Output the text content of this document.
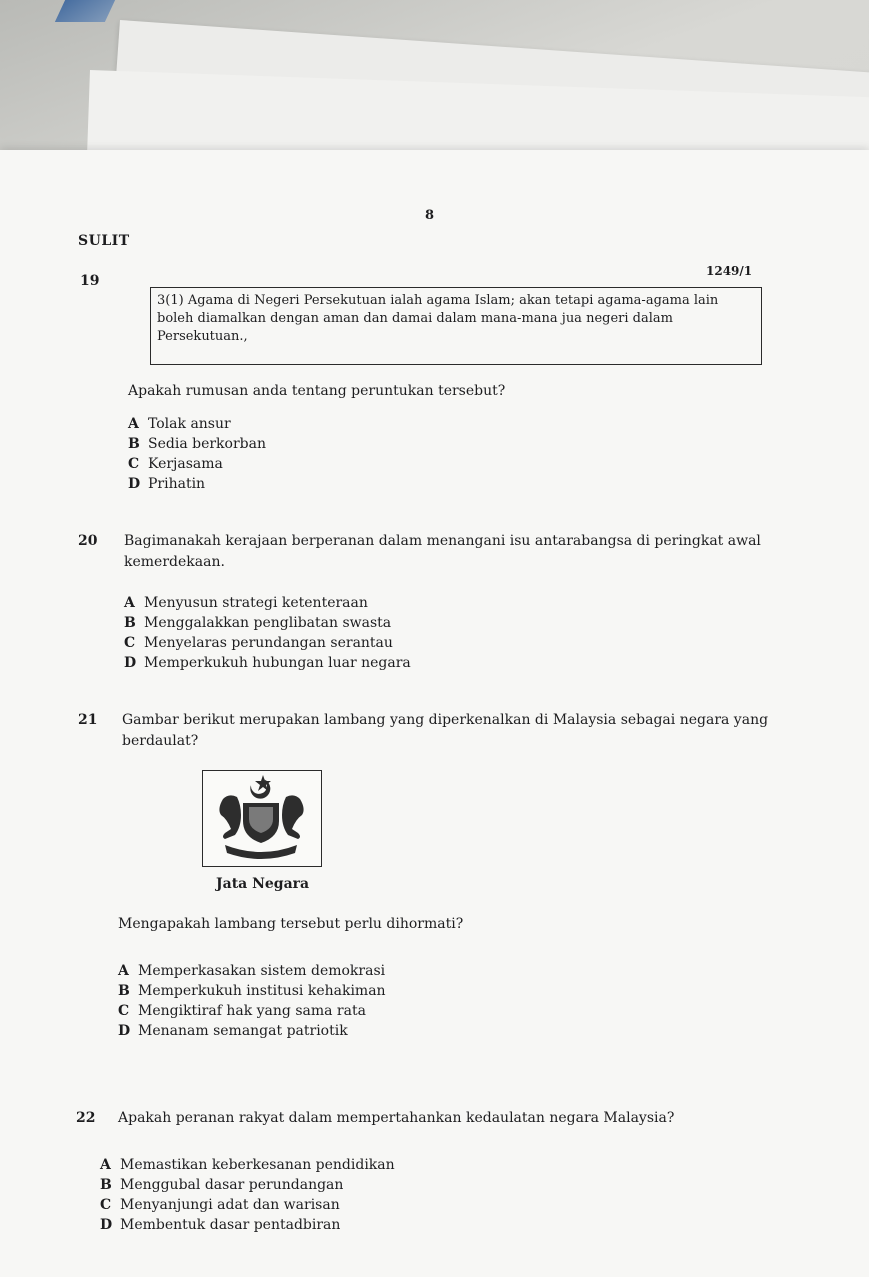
8
SULIT
1249/1
19
3(1) Agama di Negeri Persekutuan ialah agama Islam; akan tetapi agama-agama lain boleh diamalkan dengan aman dan damai dalam mana-mana jua negeri dalam Persekutuan.,
Apakah rumusan anda tentang peruntukan tersebut?
A Tolak ansur
B Sedia berkorban
C Kerjasama
D Prihatin
20 Bagimanakah kerajaan berperanan dalam menangani isu antarabangsa di peringkat awal
kemerdekaan.
A Menyusun strategi ketenteraan
B Menggalakkan penglibatan swasta
C Menyelaras perundangan serantau
D Memperkukuh hubungan luar negara
21 Gambar berikut merupakan lambang yang diperkenalkan di Malaysia sebagai negara yang
berdaulat?
Jata Negara
Mengapakah lambang tersebut perlu dihormati?
A Memperkasakan sistem demokrasi
B Memperkukuh institusi kehakiman
C Mengiktiraf hak yang sama rata
D Menanam semangat patriotik
22 Apakah peranan rakyat dalam mempertahankan kedaulatan negara Malaysia?
A Memastikan keberkesanan pendidikan
B Menggubal dasar perundangan
C Menyanjungi adat dan warisan
D Membentuk dasar pentadbiran
